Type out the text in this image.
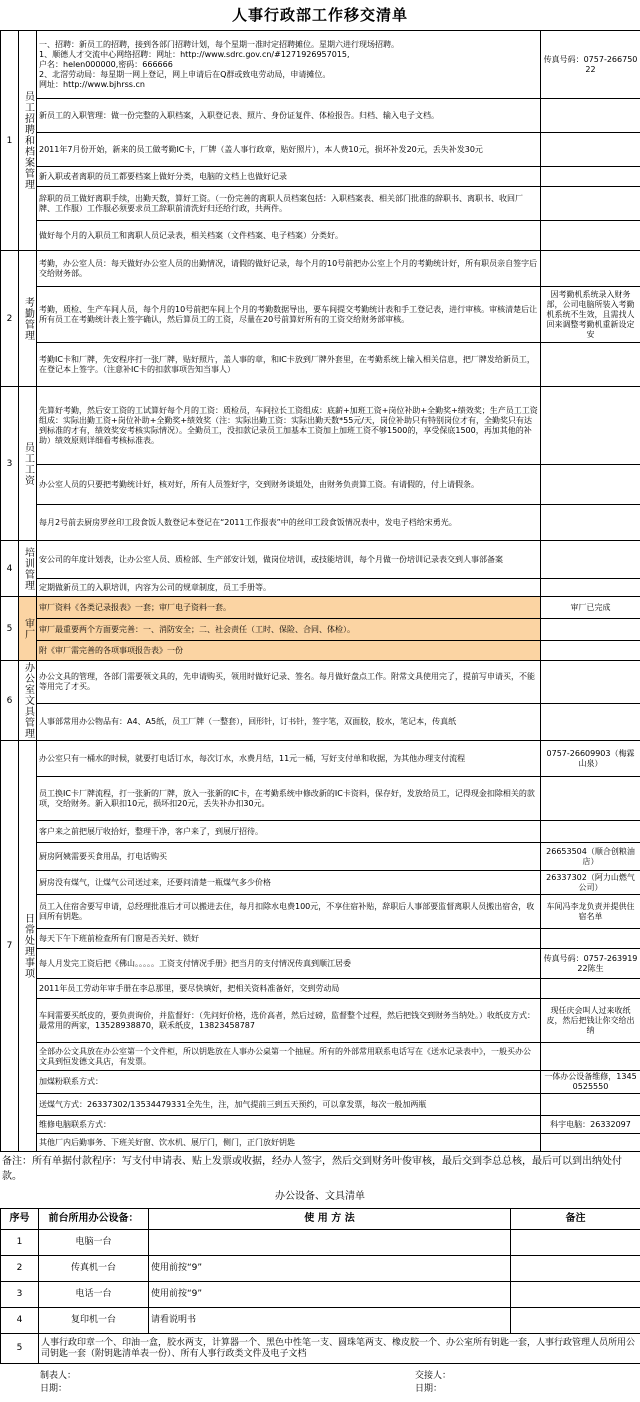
人事行政部工作移交清单
1	员工招聘和档案管理	一、招聘：新员工的招聘，接到各部门招聘计划，每个星期一准时定招聘摊位。星期六进行现场招聘。
1、顺德人才交流中心网络招聘：网址：http://www.sdrc.gov.cn/#1271926957015,
户名：helen000000,密码：666666
2、北滘劳动局：每星期一网上登记，网上申请后在Q群或致电劳动局，申请摊位。
网址：http://www.bjhrss.cn	传真号码：0757-26675022

		新员工的入职管理：做一份完整的入职档案，入职登记表、照片、身份证复件、体检报告。归档、输入电子文档。	

		2011年7月份开始，新来的员工做考勤IC卡，厂牌（盖人事行政章，贴好照片），本人费10元，损坏补发20元，丢失补发30元	

		新入职或者离职的员工都要档案上做好分类，电脑的文档上也做好记录	

		辞职的员工做好离职手续，出勤天数，算好工资。（一份完善的离职人员档案包括：入职档案表、相关部门批准的辞职书、离职书、收回厂牌、工作服）工作服必须要求员工辞职前清洗好归还给行政，共两件。	

		做好每个月的入职员工和离职人员记录表，相关档案（文件档案、电子档案）分类好。	

2	考勤管理	考勤，办公室人员：每天做好办公室人员的出勤情况，请假的做好记录，每个月的10号前把办公室上个月的考勤统计好，所有职员亲自签字后交给财务部。	

		考勤，质检、生产车间人员，每个月的10号前把车间上个月的考勤数据导出，要车间提交考勤统计表和手工登记表，进行审核。审核清楚后让所有员工在考勤统计表上签字确认，然后算员工的工资，尽量在20号前算好所有的工资交给财务部审核。	因考勤机系统录入财务部，公司电脑所装入考勤机系统不生效，且需找人回来调整考勤机重新设定安

		考勤IC卡和厂牌，先安程序打一张厂牌，贴好照片，盖人事的章，和IC卡放到厂牌外套里，在考勤系统上输入相关信息，把厂牌发给新员工，在登记本上签字。（注意补IC卡的扣款事项告知当事人）	

3	员工工资	先算好考勤，然后安工资的工试算好每个月的工资：质检员，车间拉长工资组成：底薪+加班工资+岗位补助+全勤奖+绩效奖；生产员工工资组成：实际出勤工资+岗位补助+全勤奖+绩效奖（注：实际出勤工资：实际出勤天数*55元/天，岗位补助只有特别岗位才有，全勤奖只有达到标准的才有，绩效奖安考核实际情况）。全勤员工，没扣款记录员工加基本工资加上加班工资不够1500的，享受保底1500，再加其他的补助）绩效原则详细看考核标准表。	

		办公室人员的只要把考勤统计好，核对好，所有人员签好字，交到财务谈姐处，由财务负责算工资。有请假的，付上请假条。	

		每月2号前去厨房罗丝印工段食饭人数登记本登记在“2011工作报表”中的丝印工段食饭情况表中，发电子档给宋勇光。	

4	培训管理	安公司的年度计划表，让办公室人员、质检部、生产部安计划，做岗位培训，或技能培训，每个月做一份培训记录表交到人事部备案	

		定期做新员工的入职培训，内容为公司的规章制度，员工手册等。	

5	审厂	审厂资料《各类记录报表》一套；审厂电子资料一套。	审厂已完成

		审厂最重要两个方面要完善：一、消防安全；二、社会责任（工时、保险、合同、体检）。	

		附《审厂需完善的各项事项报告表》一份	

6	办公室文具管理	办公文具的管理，各部门需要领文具的，先申请购买，领用时做好记录、签名。每月做好盘点工作。附常文具使用完了，提前写申请买，不能等用完了才买。	

		人事部常用办公物品有：A4、A5纸，员工厂牌（一整套），回形针，订书针，签字笔，双面胶，胶水，笔记本，传真纸	

7	日常处理事项	办公室只有一桶水的时候，就要打电话订水，每次订水，水费月结，11元一桶，写好支付单和收据，为其他办理支付流程	0757-26609903（梅霖山泉）

		员工换IC卡厂牌流程，打一张新的厂牌，放入一张新的IC卡，在考勤系统中修改新的IC卡资料，保存好，发放给员工，记得现金扣除相关的款项，交给财务。新入职扣10元，损坏扣20元，丢失补办扣30元。	

		客户来之前把展厅收拾好，整理干净，客户来了，到展厅招待。	

		厨房阿姨需要买食用品，打电话购买	26653504（顺合创粮油店）

		厨房没有煤气，让煤气公司送过来，还要问清楚一瓶煤气多少价格	26337302（阿力山燃气公司）

		员工入住宿舍要写申请，总经理批准后才可以搬进去住，每月扣除水电费100元，不享住宿补贴，辞职后人事部要监督离职人员搬出宿舍，收回所有钥匙。	车间冯李龙负责并提供住宿名单

		每天下午下班前检查所有门窗是否关好、锁好	

		每人月发完工资后把《佛山。。。。。工资支付情况手册》把当月的支付情况传真到顺江居委	传真号码：0757-26391922陈生

		2011年员工劳动年审手册在李总那里，要尽快填好，把相关资料准备好，交到劳动局	

		车间需要买纸皮的，要负责询价，并监督好：（先问好价格，选价高者，然后过磅，监督整个过程，然后把钱交到财务当纳处。）收纸皮方式：最常用的两家，13528938870，联禾纸皮，13823458787	现任庆会叫人过来收纸皮，然后把钱让你交给出纳

		全部办公文具放在办公室第一个文件柜，所以钥匙放在人事办公桌第一个抽屉。所有的外部常用联系电话写在《送水记录表中》，一般买办公文具到恒发德文具店，有发票。	

		加煤粉联系方式：	一体办公设备维修，13450525550

		送煤气方式：26337302/13534479331全先生，注，加气提前三到五天预约，可以拿发票，每次一般加两瓶	

		维修电脑联系方式：	科宇电脑：26332097

		其他厂内后勤事务、下班关好窗、饮水机、展厅门，侧门，正门放好钥匙	

备注：所有单据付款程序：写支付申请表、贴上发票或收据，经办人签字，然后交到财务叶俊审核，最后交到李总总核，最后可以到出纳处付款。
办公设备、文具清单
序号	前台所用办公设备：	使 用 方 法	备注
1	电脑一台		
2	传真机一台	使用前按“9”	
3	电话一台	使用前按“9”	
4	复印机一台	请看说明书	
5	人事行政印章一个、印油一盒，胶水两支，计算器一个、黑色中性笔一支、圆珠笔两支、橡皮胶一个、办公室所有钥匙一套，人事行政管理人员所用公司钥匙一套（附钥匙清单表一份）、所有人事行政类文件及电子文档		
制表人：
日期：
交接人：
日期：
